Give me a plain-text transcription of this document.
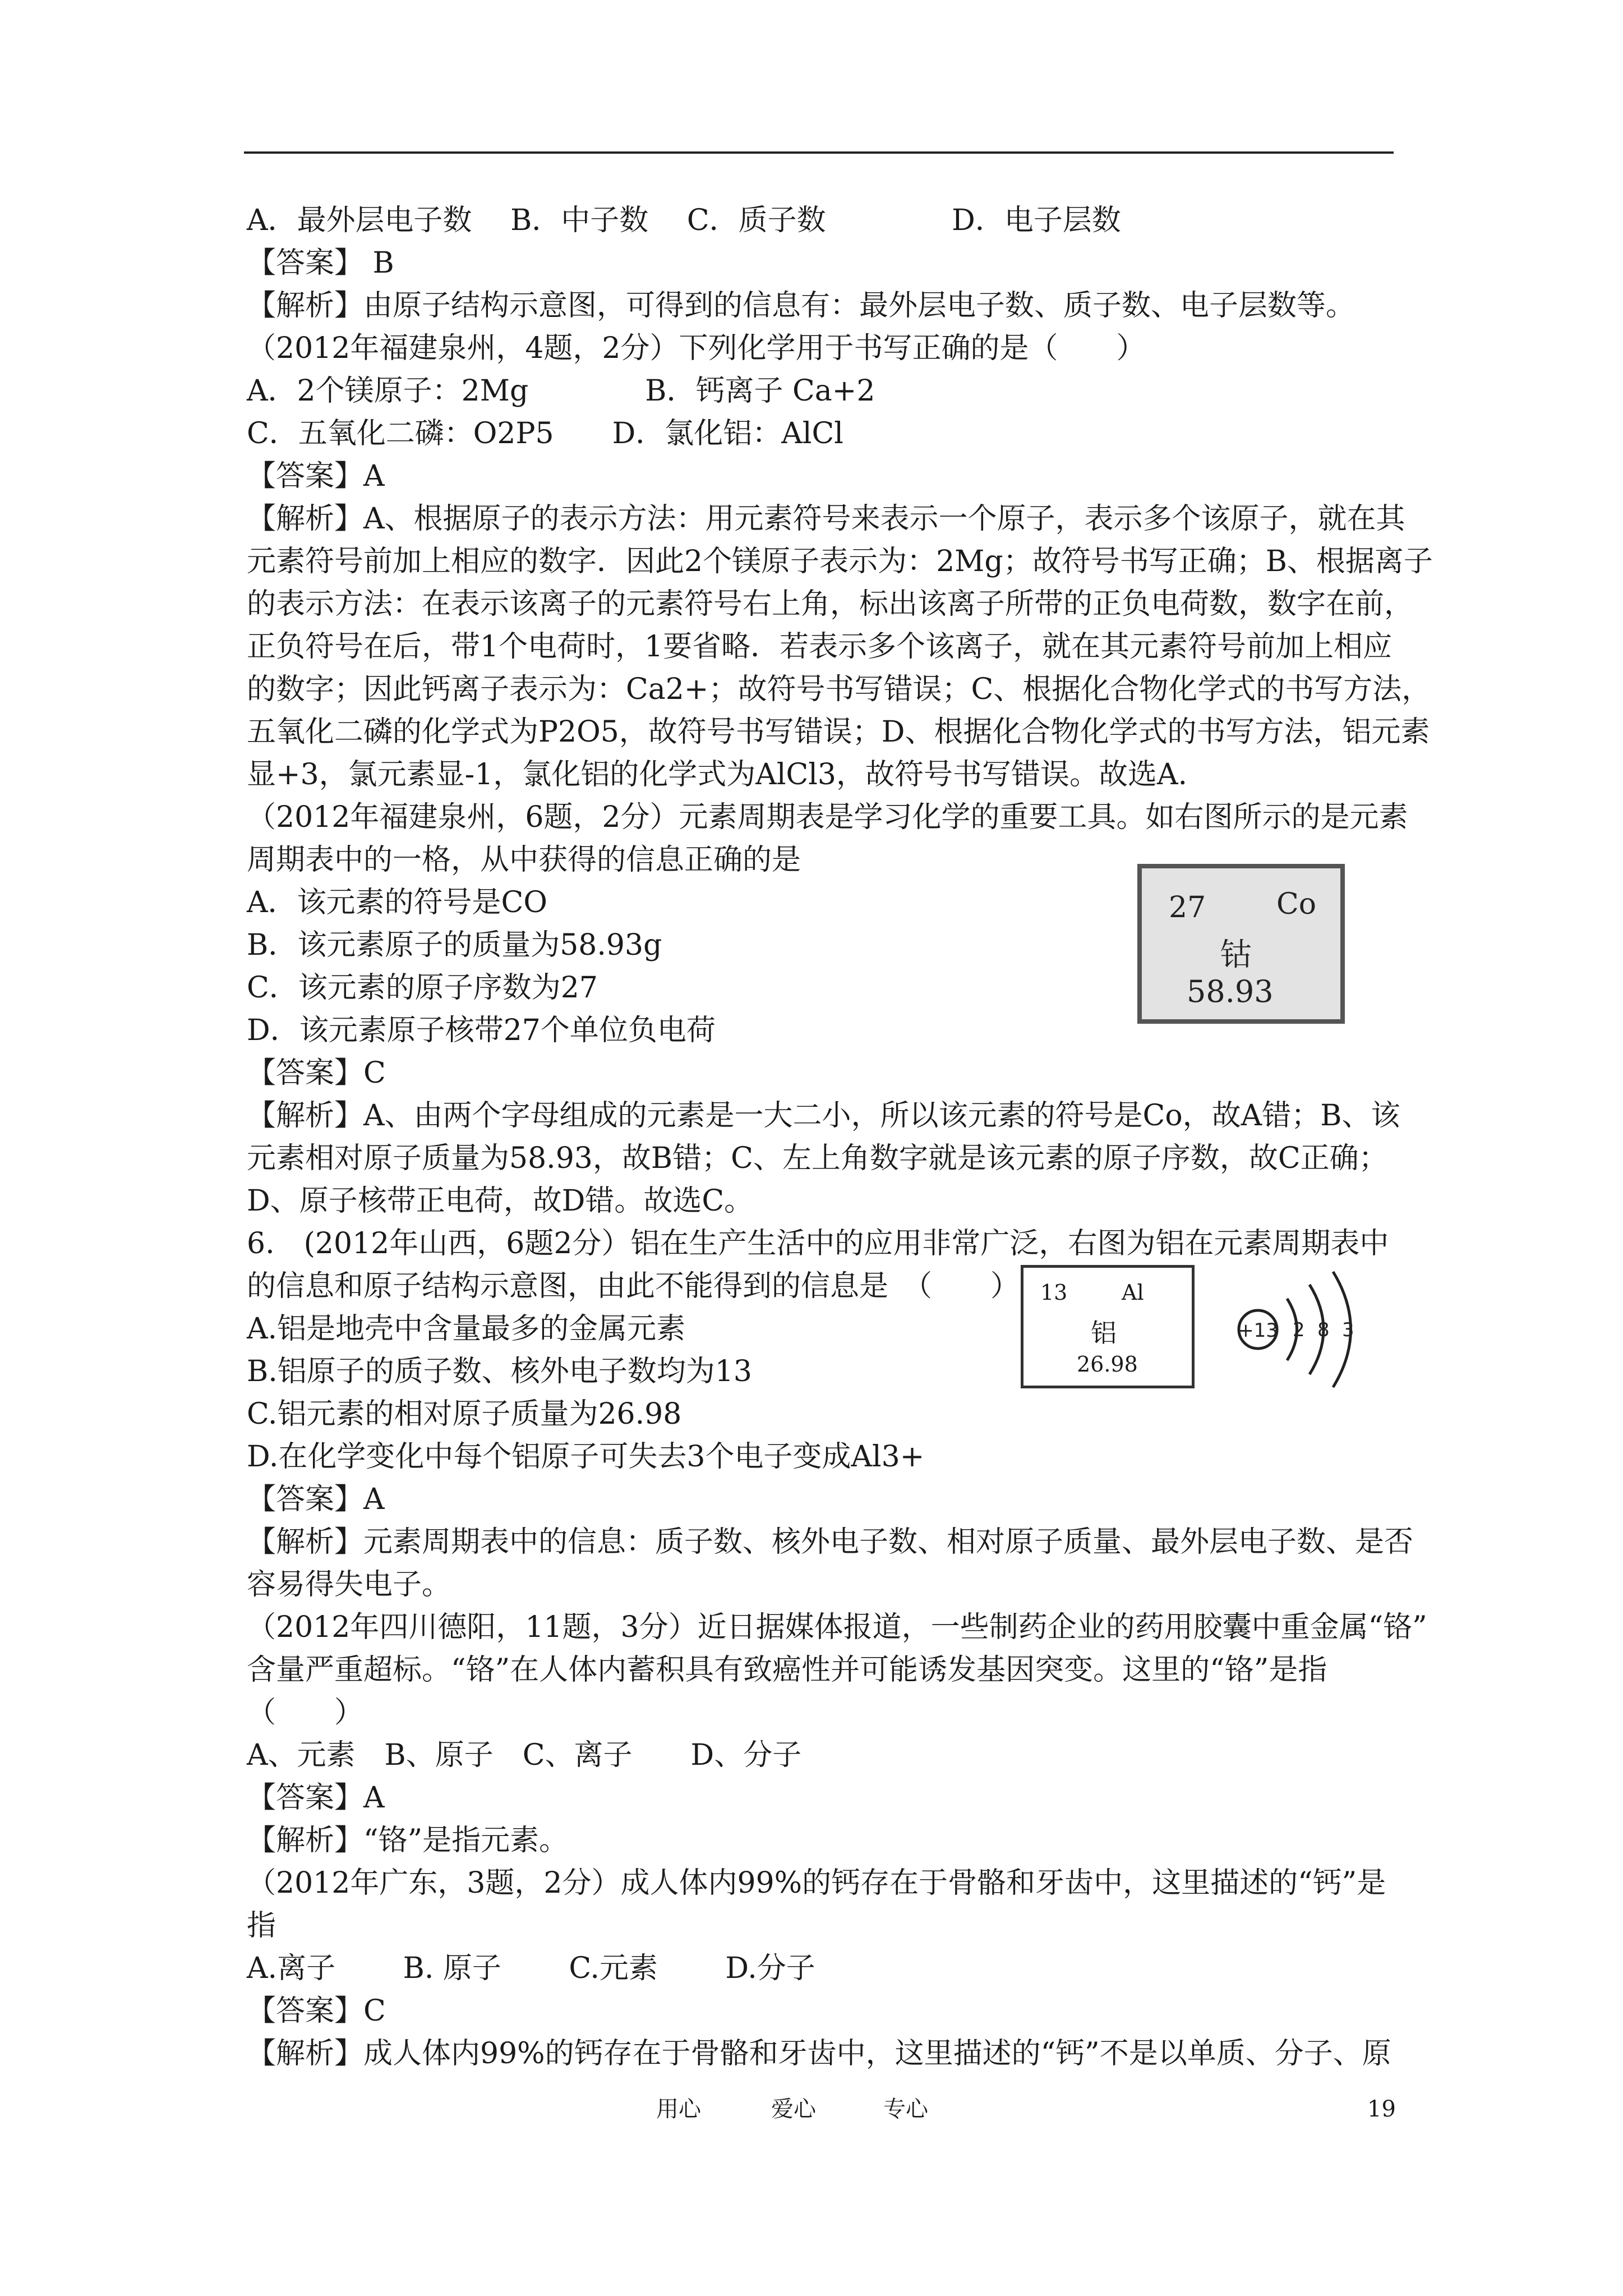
A．最外层电子数　 B．中子数　 C．质子数　　　　 D．电子层数
【答案】 B
【解析】由原子结构示意图，可得到的信息有：最外层电子数、质子数、电子层数等。
（2012年福建泉州，4题，2分）下列化学用于书写正确的是（　　）
A．2个镁原子：2Mg　　　　B．钙离子 Ca+2
C．五氧化二磷：O2P5　　D．氯化铝：AlCl
【答案】A
【解析】A、根据原子的表示方法：用元素符号来表示一个原子，表示多个该原子，就在其
元素符号前加上相应的数字．因此2个镁原子表示为：2Mg；故符号书写正确；B、根据离子
的表示方法：在表示该离子的元素符号右上角，标出该离子所带的正负电荷数，数字在前，
正负符号在后，带1个电荷时，1要省略．若表示多个该离子，就在其元素符号前加上相应
的数字；因此钙离子表示为：Ca2+；故符号书写错误；C、根据化合物化学式的书写方法，
五氧化二磷的化学式为P2O5，故符号书写错误；D、根据化合物化学式的书写方法，铝元素
显+3，氯元素显-1，氯化铝的化学式为AlCl3，故符号书写错误。故选A.
（2012年福建泉州，6题，2分）元素周期表是学习化学的重要工具。如右图所示的是元素
周期表中的一格，从中获得的信息正确的是
A．该元素的符号是CO
B．该元素原子的质量为58.93g
C．该元素的原子序数为27
D．该元素原子核带27个单位负电荷
【答案】C
【解析】A、由两个字母组成的元素是一大二小，所以该元素的符号是Co，故A错；B、该
元素相对原子质量为58.93，故B错；C、左上角数字就是该元素的原子序数，故C正确；
D、原子核带正电荷，故D错。故选C。
6.　(2012年山西，6题2分）铝在生产生活中的应用非常广泛，右图为铝在元素周期表中
的信息和原子结构示意图，由此不能得到的信息是　（　　）
A.铝是地壳中含量最多的金属元素
B.铝原子的质子数、核外电子数均为13
C.铝元素的相对原子质量为26.98
D.在化学变化中每个铝原子可失去3个电子变成Al3+
【答案】A
【解析】元素周期表中的信息：质子数、核外电子数、相对原子质量、最外层电子数、是否
容易得失电子。
（2012年四川德阳，11题，3分）近日据媒体报道，一些制药企业的药用胶囊中重金属“铬”
含量严重超标。“铬”在人体内蓄积具有致癌性并可能诱发基因突变。这里的“铬”是指
（　　）
A、元素　B、原子　C、离子　　D、分子
【答案】A
【解析】“铬”是指元素。
（2012年广东，3题，2分）成人体内99%的钙存在于骨骼和牙齿中，这里描述的“钙”是
指
A.离子　　 B. 原子　　 C.元素　　 D.分子
【答案】C
【解析】成人体内99%的钙存在于骨骼和牙齿中，这里描述的“钙”不是以单质、分子、原
27 Co
钴
58.93
13	Al
铝
26.98
+13 2 8 3
用心	爱心	专心	19
